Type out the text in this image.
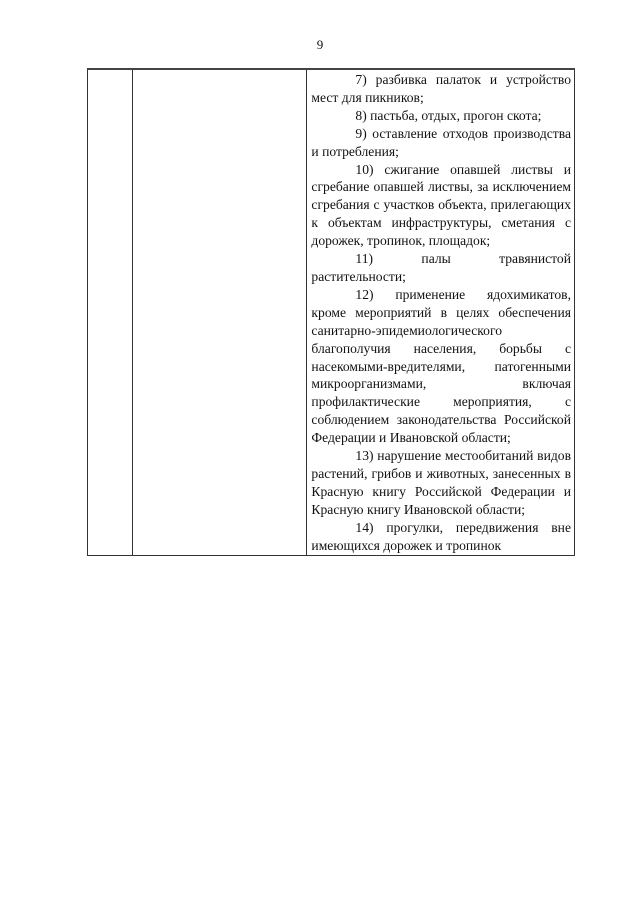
9

7) разбивка палаток и устройство мест для пикников;
8) пастьба, отдых, прогон скота;
9) оставление отходов производства и потребления;
10) сжигание опавшей листвы и сгребание опавшей листвы, за исключением сгребания с участков объекта, прилегающих к объектам инфраструктуры, сметания с дорожек, тропинок, площадок;
11) палы травянистой растительности;
12) применение ядохимикатов, кроме мероприятий в целях обеспечения санитарно-эпидемиологического благополучия населения, борьбы с насекомыми-вредителями, патогенными микроорганизмами, включая профилактические мероприятия, с соблюдением законодательства Российской Федерации и Ивановской области;
13) нарушение местообитаний видов растений, грибов и животных, занесенных в Красную книгу Российской Федерации и Красную книгу Ивановской области;
14) прогулки, передвижения вне имеющихся дорожек и тропинок
